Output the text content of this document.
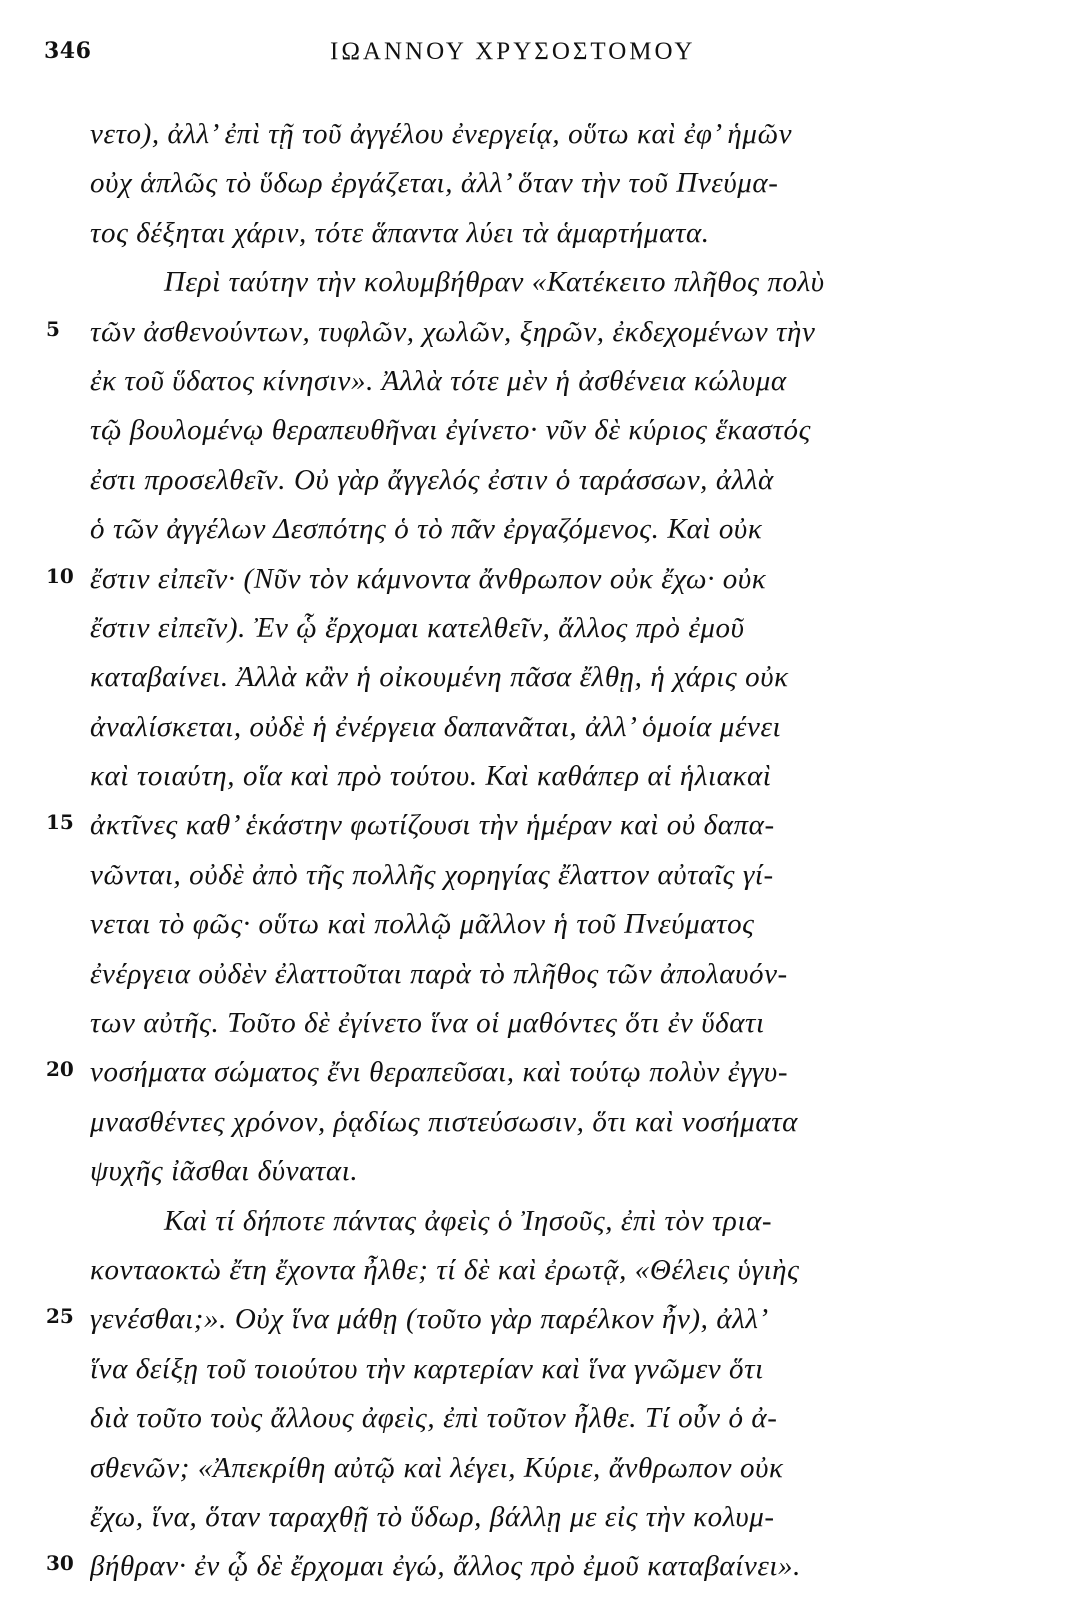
346	ΙΩΑΝΝΟΥ ΧΡΥΣΟΣΤΟΜΟΥ
νετο), ἀλλ’ ἐπὶ τῇ τοῦ ἀγγέλου ἐνεργείᾳ, οὕτω καὶ ἐφ’ ἡμῶν
οὐχ ἁπλῶς τὸ ὕδωρ ἐργάζεται, ἀλλ’ ὅταν τὴν τοῦ Πνεύμα-
τος δέξηται χάριν, τότε ἅπαντα λύει τὰ ἁμαρτήματα.
Περὶ ταύτην τὴν κολυμβήθραν «Κατέκειτο πλῆθος πολὺ
5 τῶν ἀσθενούντων, τυφλῶν, χωλῶν, ξηρῶν, ἐκδεχομένων τὴν
ἐκ τοῦ ὕδατος κίνησιν». Ἀλλὰ τότε μὲν ἡ ἀσθένεια κώλυμα
τῷ βουλομένῳ θεραπευθῆναι ἐγίνετο· νῦν δὲ κύριος ἕκαστός
ἐστι προσελθεῖν. Οὐ γὰρ ἄγγελός ἐστιν ὁ ταράσσων, ἀλλὰ
ὁ τῶν ἀγγέλων Δεσπότης ὁ τὸ πᾶν ἐργαζόμενος. Καὶ οὐκ
10 ἔστιν εἰπεῖν· (Νῦν τὸν κάμνοντα ἄνθρωπον οὐκ ἔχω· οὐκ
ἔστιν εἰπεῖν). Ἐν ᾧ ἔρχομαι κατελθεῖν, ἄλλος πρὸ ἐμοῦ
καταβαίνει. Ἀλλὰ κἂν ἡ οἰκουμένη πᾶσα ἔλθῃ, ἡ χάρις οὐκ
ἀναλίσκεται, οὐδὲ ἡ ἐνέργεια δαπανᾶται, ἀλλ’ ὁμοία μένει
καὶ τοιαύτη, οἵα καὶ πρὸ τούτου. Καὶ καθάπερ αἱ ἡλιακαὶ
15 ἀκτῖνες καθ’ ἑκάστην φωτίζουσι τὴν ἡμέραν καὶ οὐ δαπα-
νῶνται, οὐδὲ ἀπὸ τῆς πολλῆς χορηγίας ἔλαττον αὐταῖς γί-
νεται τὸ φῶς· οὕτω καὶ πολλῷ μᾶλλον ἡ τοῦ Πνεύματος
ἐνέργεια οὐδὲν ἐλαττοῦται παρὰ τὸ πλῆθος τῶν ἀπολαυόν-
των αὐτῆς. Τοῦτο δὲ ἐγίνετο ἵνα οἱ μαθόντες ὅτι ἐν ὕδατι
20 νοσήματα σώματος ἔνι θεραπεῦσαι, καὶ τούτῳ πολὺν ἐγγυ-
μνασθέντες χρόνον, ῥᾳδίως πιστεύσωσιν, ὅτι καὶ νοσήματα
ψυχῆς ἰᾶσθαι δύναται.
Καὶ τί δήποτε πάντας ἀφεὶς ὁ Ἰησοῦς, ἐπὶ τὸν τρια-
κονταοκτὼ ἔτη ἔχοντα ἦλθε; τί δὲ καὶ ἐρωτᾷ, «Θέλεις ὑγιὴς
25 γενέσθαι;». Οὐχ ἵνα μάθῃ (τοῦτο γὰρ παρέλκον ἦν), ἀλλ’
ἵνα δείξῃ τοῦ τοιούτου τὴν καρτερίαν καὶ ἵνα γνῶμεν ὅτι
διὰ τοῦτο τοὺς ἄλλους ἀφεὶς, ἐπὶ τοῦτον ἦλθε. Τί οὖν ὁ ἀ-
σθενῶν; «Ἀπεκρίθη αὐτῷ καὶ λέγει, Κύριε, ἄνθρωπον οὐκ
ἔχω, ἵνα, ὅταν ταραχθῇ τὸ ὕδωρ, βάλλῃ με εἰς τὴν κολυμ-
30 βήθραν· ἐν ᾧ δὲ ἔρχομαι ἐγώ, ἄλλος πρὸ ἐμοῦ καταβαίνει».
